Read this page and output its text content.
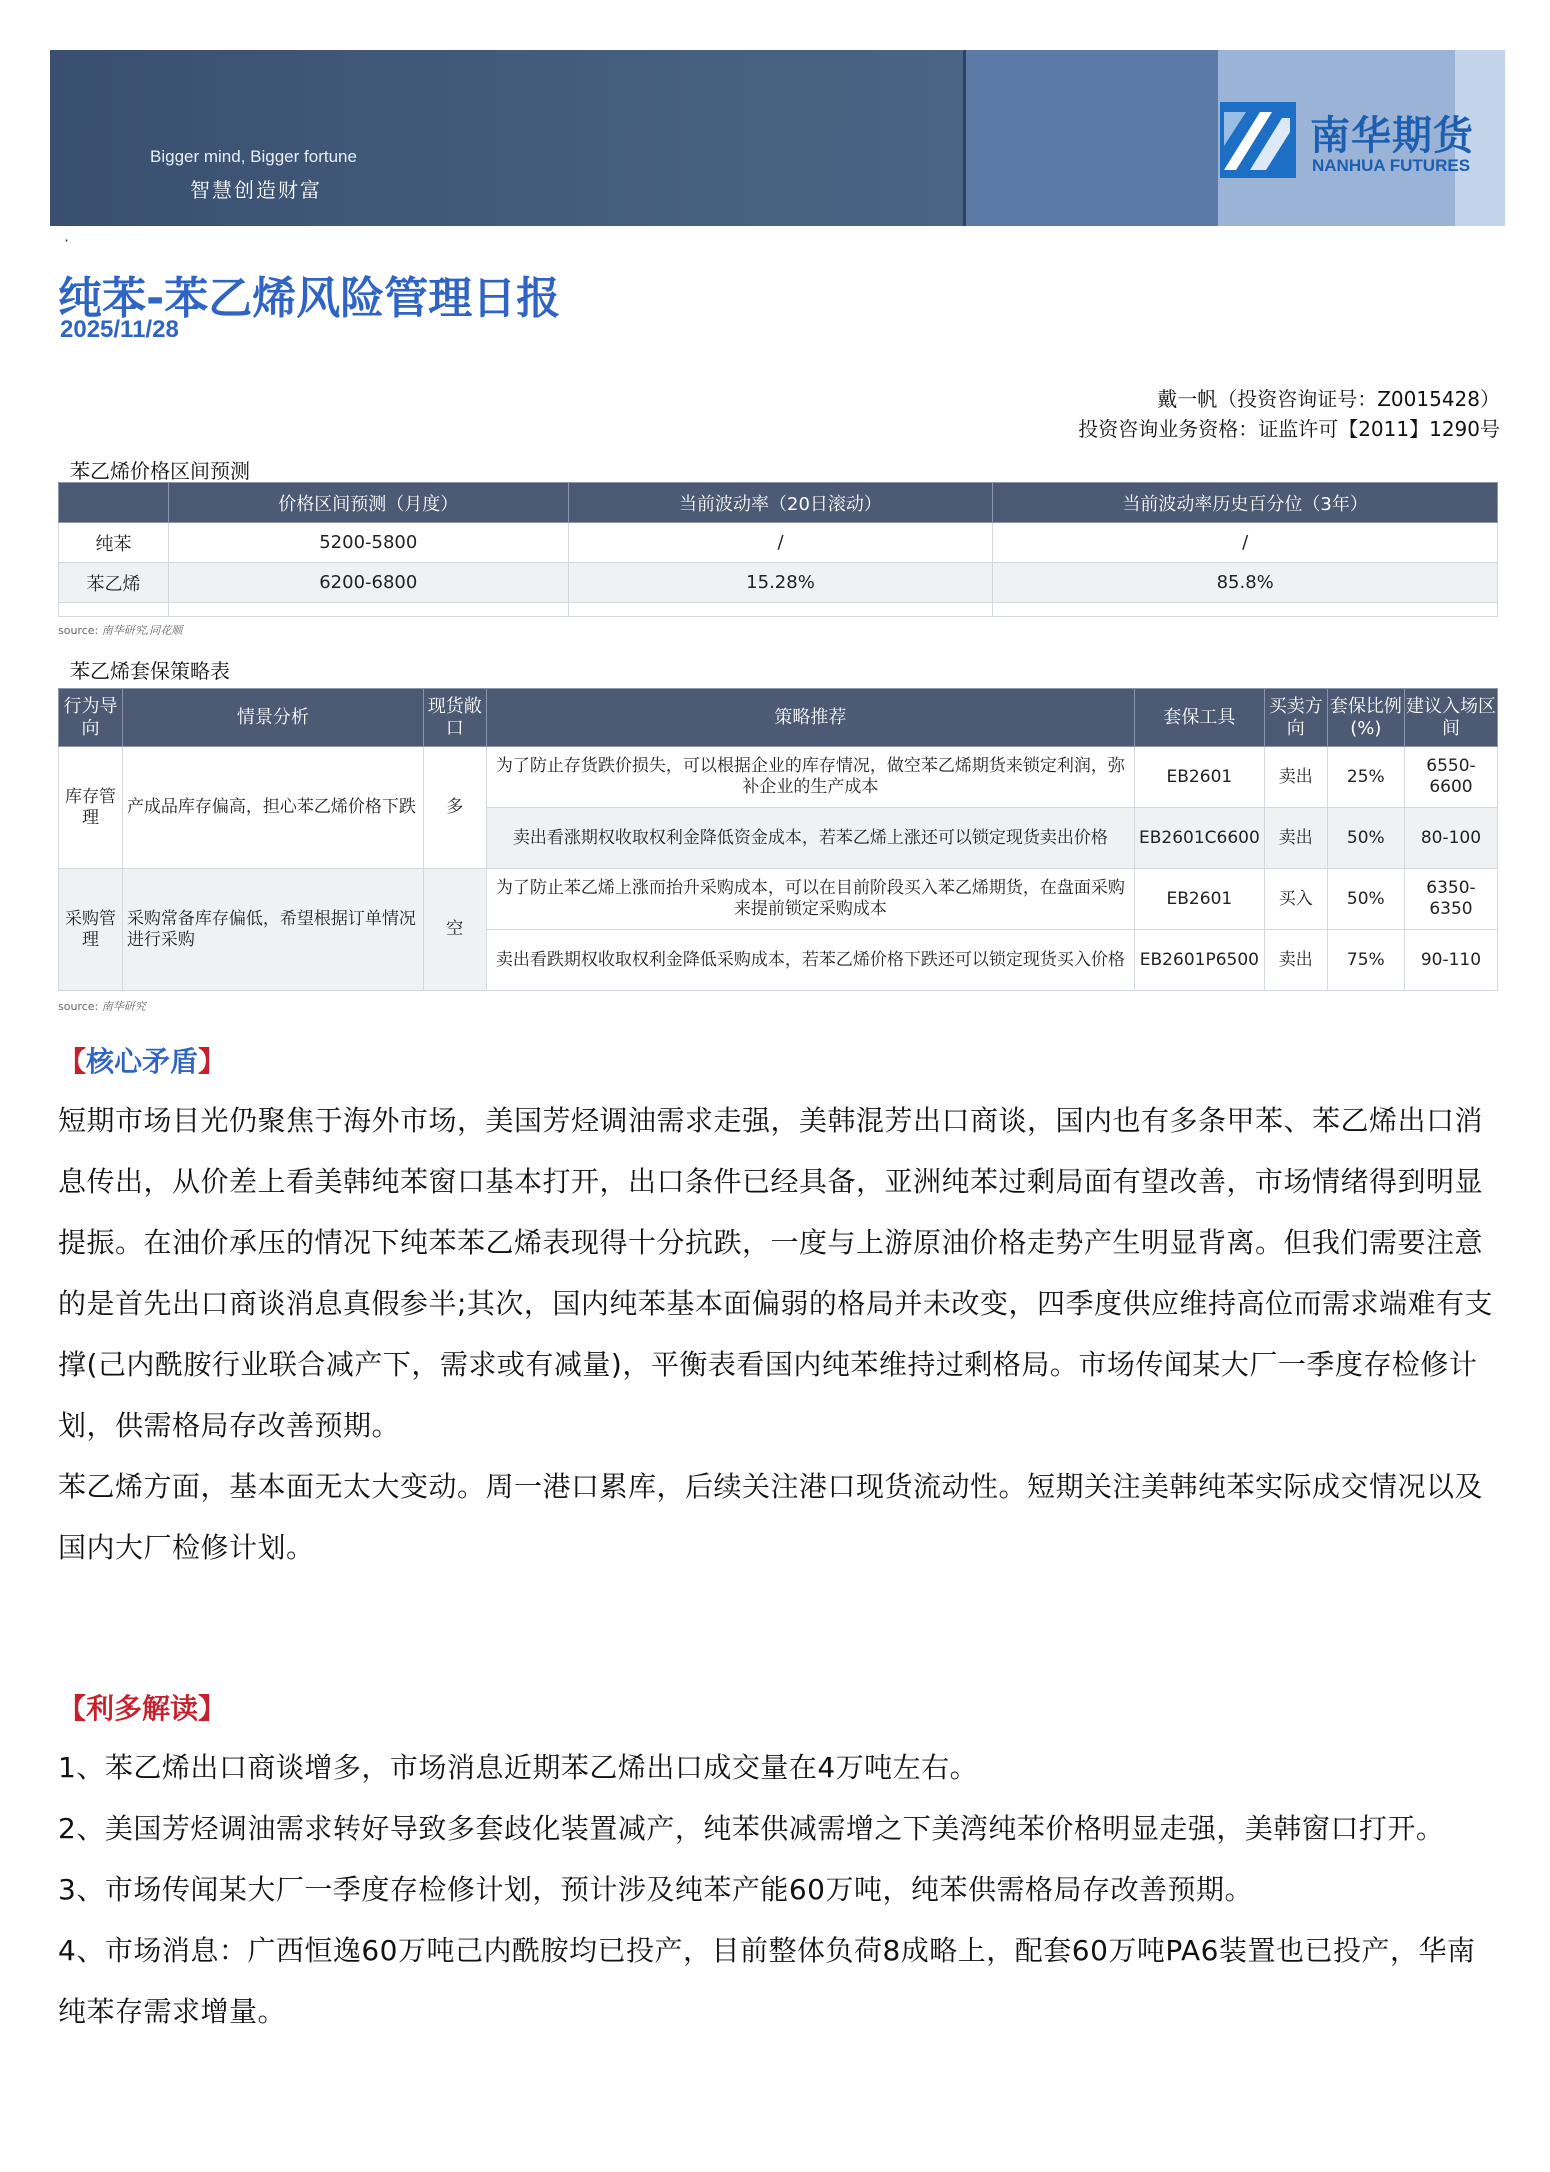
Bigger mind, Bigger fortune
智慧创造财富
南华期货
NANHUA FUTURES
·
纯苯-苯乙烯风险管理日报
2025/11/28
戴一帆（投资咨询证号：Z0015428）
投资咨询业务资格：证监许可【2011】1290号
苯乙烯价格区间预测
	价格区间预测（月度）	当前波动率（20日滚动）	当前波动率历史百分位（3年）
纯苯	5200-5800	/	/
苯乙烯	6200-6800	15.28%	85.8%

source: 南华研究,同花顺
苯乙烯套保策略表
行为导向	情景分析	现货敞口	策略推荐	套保工具	买卖方向	套保比例(%)	建议入场区间
库存管理	产成品库存偏高，担心苯乙烯价格下跌	多	为了防止存货跌价损失，可以根据企业的库存情况，做空苯乙烯期货来锁定利润，弥补企业的生产成本	EB2601	卖出	25%	6550-6600
			卖出看涨期权收取权利金降低资金成本，若苯乙烯上涨还可以锁定现货卖出价格	EB2601C6600	卖出	50%	80-100
采购管理	采购常备库存偏低，希望根据订单情况进行采购	空	为了防止苯乙烯上涨而抬升采购成本，可以在目前阶段买入苯乙烯期货，在盘面采购来提前锁定采购成本	EB2601	买入	50%	6350-6350
			卖出看跌期权收取权利金降低采购成本，若苯乙烯价格下跌还可以锁定现货买入价格	EB2601P6500	卖出	75%	90-110
source: 南华研究
【核心矛盾】

短期市场目光仍聚焦于海外市场，美国芳烃调油需求走强，美韩混芳出口商谈，国内也有多条甲苯、苯乙烯出口消息传出，从价差上看美韩纯苯窗口基本打开，出口条件已经具备，亚洲纯苯过剩局面有望改善，市场情绪得到明显提振。在油价承压的情况下纯苯苯乙烯表现得十分抗跌，一度与上游原油价格走势产生明显背离。但我们需要注意的是首先出口商谈消息真假参半;其次，国内纯苯基本面偏弱的格局并未改变，四季度供应维持高位而需求端难有支撑(己内酰胺行业联合减产下，需求或有减量)，平衡表看国内纯苯维持过剩格局。市场传闻某大厂一季度存检修计划，供需格局存改善预期。

苯乙烯方面，基本面无太大变动。周一港口累库，后续关注港口现货流动性。短期关注美韩纯苯实际成交情况以及国内大厂检修计划。

【利多解读】

1、苯乙烯出口商谈增多，市场消息近期苯乙烯出口成交量在4万吨左右。

2、美国芳烃调油需求转好导致多套歧化装置减产，纯苯供减需增之下美湾纯苯价格明显走强，美韩窗口打开。

3、市场传闻某大厂一季度存检修计划，预计涉及纯苯产能60万吨，纯苯供需格局存改善预期。

4、市场消息：广西恒逸60万吨己内酰胺均已投产，目前整体负荷8成略上，配套60万吨PA6装置也已投产，华南纯苯存需求增量。
